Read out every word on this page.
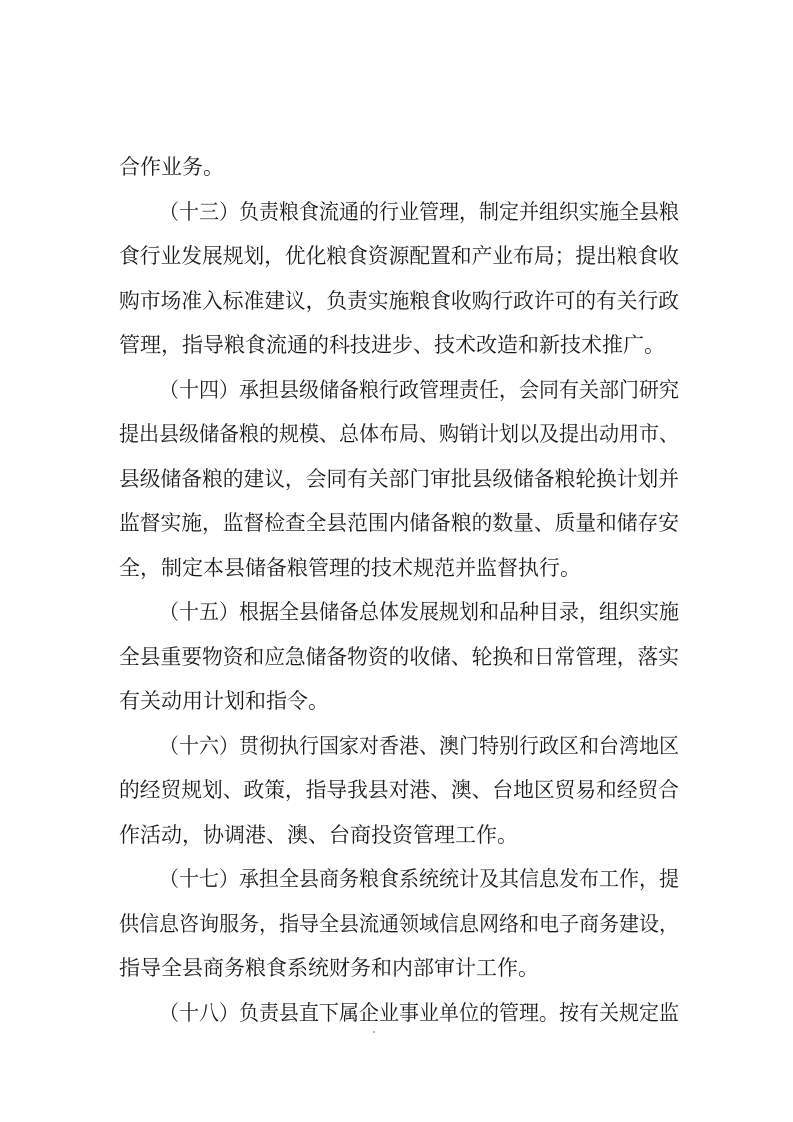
合作业务。
（十三）负责粮食流通的行业管理，制定并组织实施全县粮
食行业发展规划，优化粮食资源配置和产业布局；提出粮食收
购市场准入标准建议，负责实施粮食收购行政许可的有关行政
管理，指导粮食流通的科技进步、技术改造和新技术推广。
（十四）承担县级储备粮行政管理责任，会同有关部门研究
提出县级储备粮的规模、总体布局、购销计划以及提出动用市、
县级储备粮的建议，会同有关部门审批县级储备粮轮换计划并
监督实施，监督检查全县范围内储备粮的数量、质量和储存安
全，制定本县储备粮管理的技术规范并监督执行。
（十五）根据全县储备总体发展规划和品种目录，组织实施
全县重要物资和应急储备物资的收储、轮换和日常管理，落实
有关动用计划和指令。
（十六）贯彻执行国家对香港、澳门特别行政区和台湾地区
的经贸规划、政策，指导我县对港、澳、台地区贸易和经贸合
作活动，协调港、澳、台商投资管理工作。
（十七）承担全县商务粮食系统统计及其信息发布工作，提
供信息咨询服务，指导全县流通领域信息网络和电子商务建设，
指导全县商务粮食系统财务和内部审计工作。
（十八）负责县直下属企业事业单位的管理。按有关规定监
